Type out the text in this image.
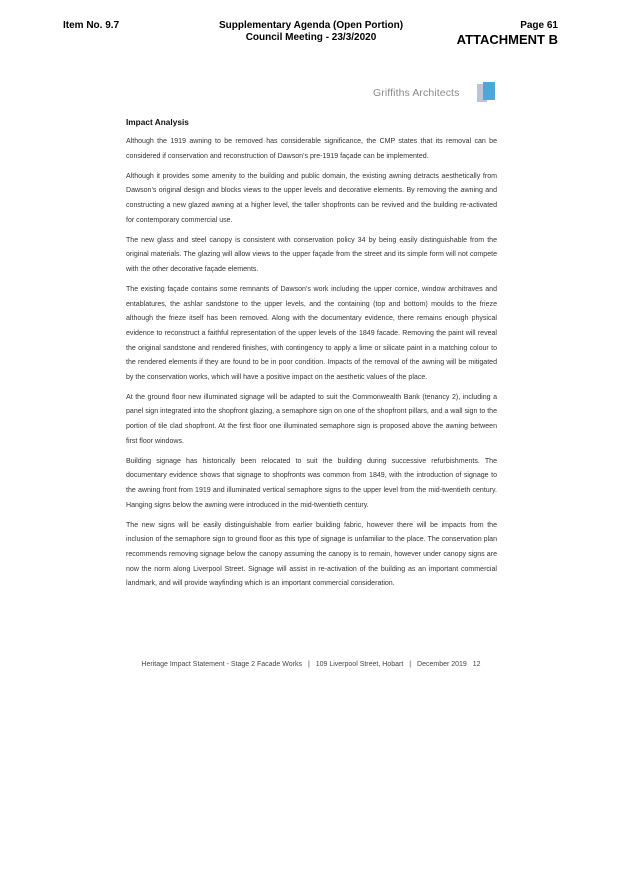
Item No. 9.7	Supplementary Agenda (Open Portion)
Council Meeting - 23/3/2020
Page 61
ATTACHMENT B
Griffiths Architects
Impact Analysis

Although the 1919 awning to be removed has considerable significance, the CMP states that its removal can be considered if conservation and reconstruction of Dawson’s pre-1919 façade can be implemented.

Although it provides some amenity to the building and public domain, the existing awning detracts aesthetically from Dawson’s original design and blocks views to the upper levels and decorative elements. By removing the awning and constructing a new glazed awning at a higher level, the taller shopfronts can be revived and the building re-activated for contemporary commercial use.

The new glass and steel canopy is consistent with conservation policy 34 by being easily distinguishable from the original materials. The glazing will allow views to the upper façade from the street and its simple form will not compete with the other decorative façade elements.

The existing façade contains some remnants of Dawson’s work including the upper cornice, window architraves and entablatures, the ashlar sandstone to the upper levels, and the containing (top and bottom) moulds to the frieze although the frieze itself has been removed. Along with the documentary evidence, there remains enough physical evidence to reconstruct a faithful representation of the upper levels of the 1849 facade. Removing the paint will reveal the original sandstone and rendered finishes, with contingency to apply a lime or silicate paint in a matching colour to the rendered elements if they are found to be in poor condition. Impacts of the removal of the awning will be mitigated by the conservation works, which will have a positive impact on the aesthetic values of the place.

At the ground floor new illuminated signage will be adapted to suit the Commonwealth Bank (tenancy 2), including a panel sign integrated into the shopfront glazing, a semaphore sign on one of the shopfront pillars, and a wall sign to the portion of tile clad shopfront. At the first floor one illuminated semaphore sign is proposed above the awning between first floor windows.

Building signage has historically been relocated to suit the building during successive refurbishments. The documentary evidence shows that signage to shopfronts was common from 1849, with the introduction of signage to the awning front from 1919 and illuminated vertical semaphore signs to the upper level from the mid-twentieth century. Hanging signs below the awning were introduced in the mid-twentieth century.

The new signs will be easily distinguishable from earlier building fabric, however there will be impacts from the inclusion of the semaphore sign to ground floor as this type of signage is unfamiliar to the place. The conservation plan recommends removing signage below the canopy assuming the canopy is to remain, however under canopy signs are now the norm along Liverpool Street. Signage will assist in re-activation of the building as an important commercial landmark, and will provide wayfinding which is an important commercial consideration.

Heritage Impact Statement - Stage 2 Facade Works | 109 Liverpool Street, Hobart | December 2019 12
